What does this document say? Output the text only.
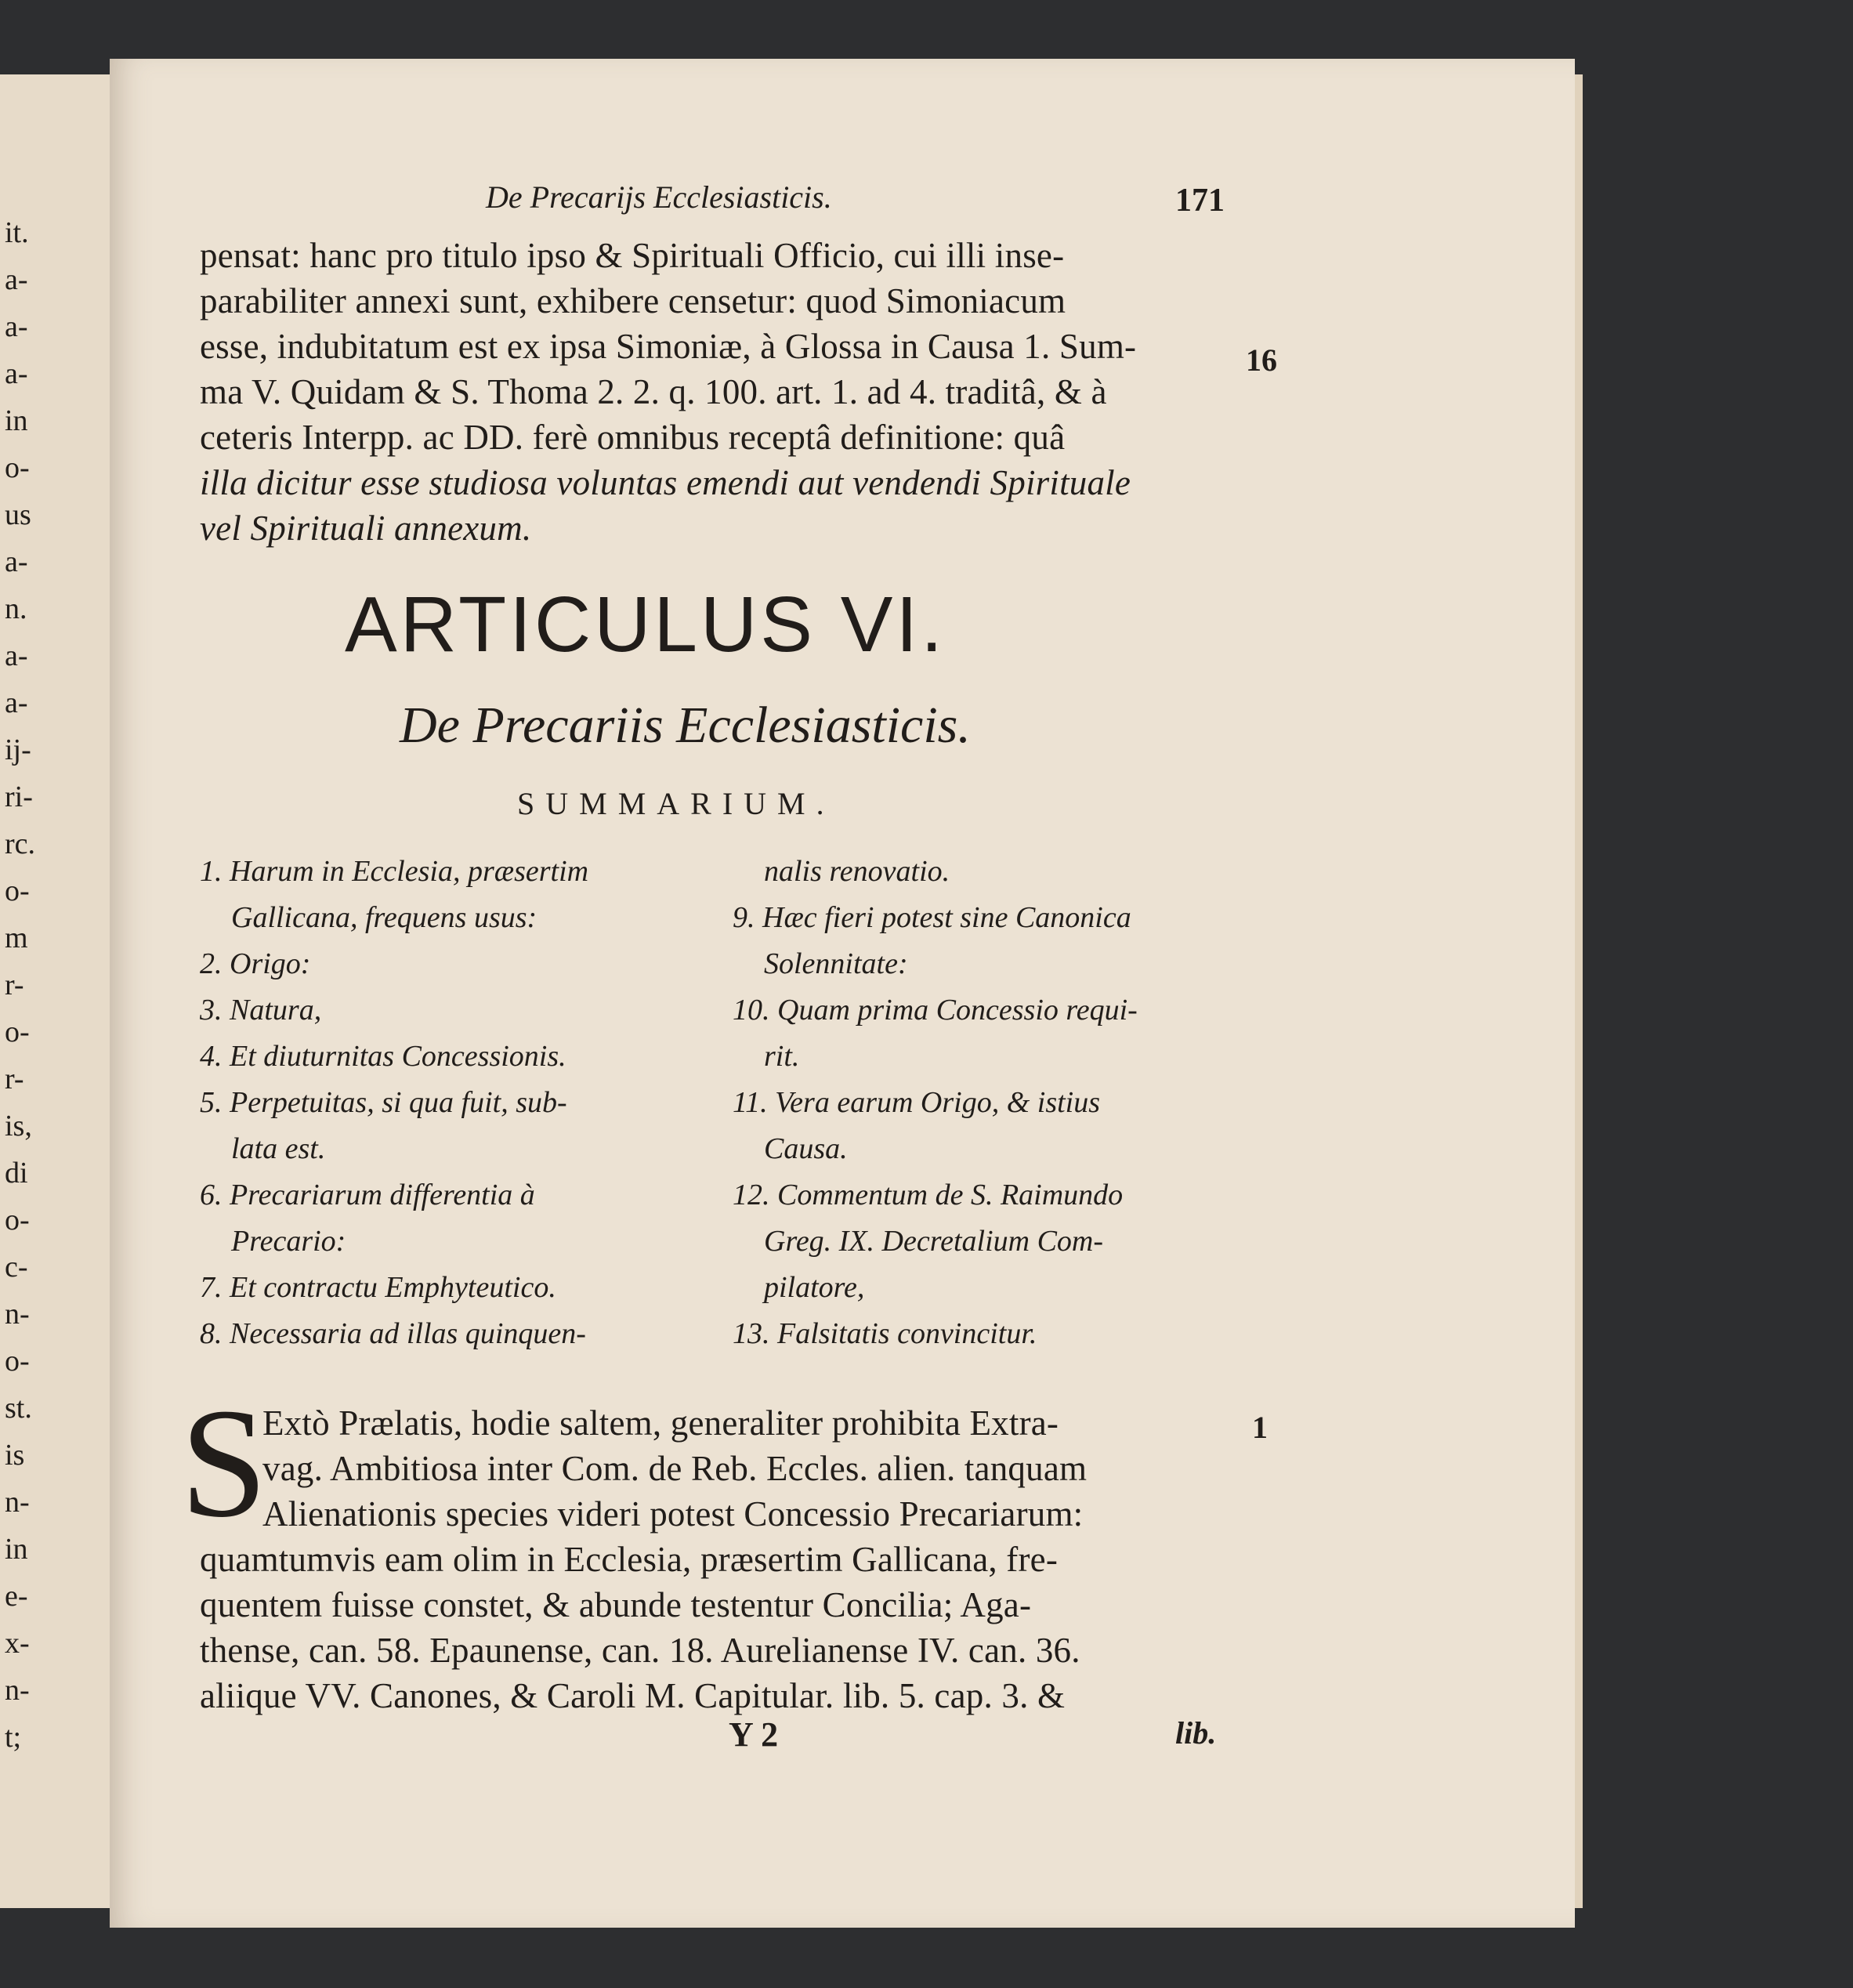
it.
a-
a-
a-
in
o-
us
a-
n.
a-
a-
ij-
ri-
rc.
o-
m
r-
o-
r-
is,
di
o-
c-
n-
o-
st.
is
n-
in
e-
x-
n-
t;
De Precarijs Ecclesiasticis.	171
pensat: hanc pro titulo ipso & Spirituali Officio, cui illi inse-
parabiliter annexi sunt, exhibere censetur: quod Simoniacum
esse, indubitatum est ex ipsa Simoniæ, à Glossa in Causa 1. Sum-
ma V. Quidam & S. Thoma 2. 2. q. 100. art. 1. ad 4. traditâ, & à
ceteris Interpp. ac DD. ferè omnibus receptâ definitione: quâ
illa dicitur esse studiosa voluntas emendi aut vendendi Spirituale
vel Spirituali annexum.
16
ARTICULUS VI.
De Precariis Ecclesiasticis.
SUMMARIUM.
1. Harum in Ecclesia, præsertim
Gallicana, frequens usus:
2. Origo:
3. Natura,
4. Et diuturnitas Concessionis.
5. Perpetuitas, si qua fuit, sub-
lata est.
6. Precariarum differentia à
Precario:
7. Et contractu Emphyteutico.
8. Necessaria ad illas quinquen-
nalis renovatio.
9. Hæc fieri potest sine Canonica
Solennitate:
10. Quam prima Concessio requi-
rit.
11. Vera earum Origo, & istius
Causa.
12. Commentum de S. Raimundo
Greg. IX. Decretalium Com-
pilatore,
13. Falsitatis convincitur.
S
Extò Prælatis, hodie saltem, generaliter prohibita Extra-
vag. Ambitiosa inter Com. de Reb. Eccles. alien. tanquam
Alienationis species videri potest Concessio Precariarum:
quamtumvis eam olim in Ecclesia, præsertim Gallicana, fre-
quentem fuisse constet, & abunde testentur Concilia; Aga-
thense, can. 58. Epaunense, can. 18. Aurelianense IV. can. 36.
aliique VV. Canones, & Caroli M. Capitular. lib. 5. cap. 3. &
1
Y 2	lib.
